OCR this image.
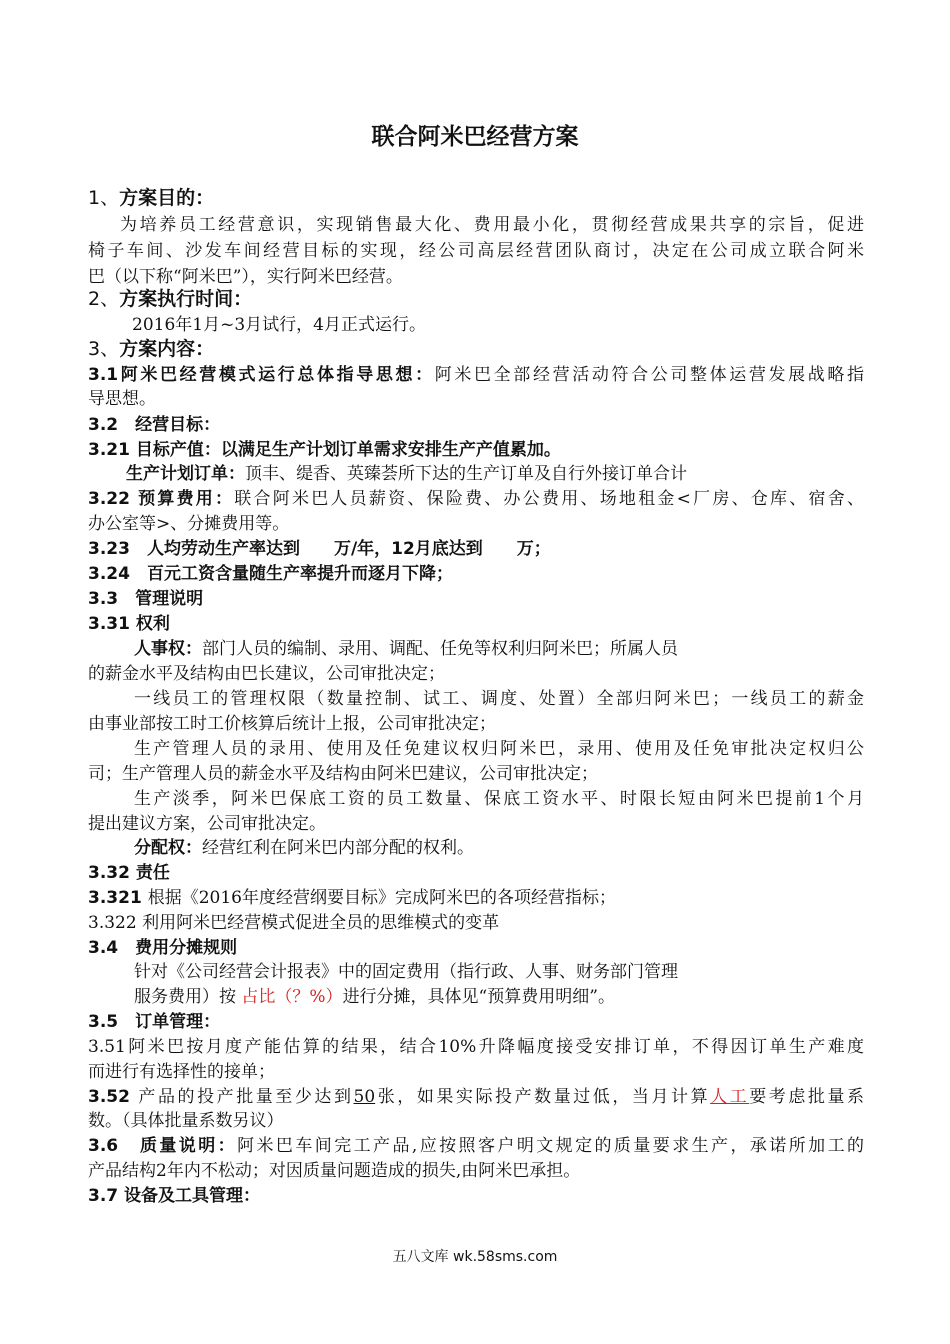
联合阿米巴经营方案
1、方案目的：
为培养员工经营意识，实现销售最大化、费用最小化，贯彻经营成果共享的宗旨，促进
椅子车间、沙发车间经营目标的实现，经公司高层经营团队商讨，决定在公司成立联合阿米
巴（以下称“阿米巴”），实行阿米巴经营。
2、方案执行时间：
2016年1月~3月试行，4月正式运行。
3、方案内容：
3.1阿米巴经营模式运行总体指导思想：阿米巴全部经营活动符合公司整体运营发展战略指
导思想。
3.2　经营目标：
3.21 目标产值：以满足生产计划订单需求安排生产产值累加。
生产计划订单：顶丰、缇香、英臻荟所下达的生产订单及自行外接订单合计
3.22 预算费用：联合阿米巴人员薪资、保险费、办公费用、场地租金<厂房、仓库、宿舍、
办公室等>、分摊费用等。
3.23　人均劳动生产率达到　　万/年，12月底达到　　万；
3.24　百元工资含量随生产率提升而逐月下降；
3.3　管理说明
3.31 权利
人事权：部门人员的编制、录用、调配、任免等权利归阿米巴；所属人员
的薪金水平及结构由巴长建议，公司审批决定；
一线员工的管理权限（数量控制、试工、调度、处置）全部归阿米巴；一线员工的薪金
由事业部按工时工价核算后统计上报，公司审批决定；
生产管理人员的录用、使用及任免建议权归阿米巴，录用、使用及任免审批决定权归公
司；生产管理人员的薪金水平及结构由阿米巴建议，公司审批决定；
生产淡季，阿米巴保底工资的员工数量、保底工资水平、时限长短由阿米巴提前1个月
提出建议方案，公司审批决定。
分配权：经营红利在阿米巴内部分配的权利。
3.32 责任
3.321 根据《2016年度经营纲要目标》完成阿米巴的各项经营指标；
3.322 利用阿米巴经营模式促进全员的思维模式的变革
3.4　费用分摊规则
针对《公司经营会计报表》中的固定费用（指行政、人事、财务部门管理
服务费用）按 占比（？%）进行分摊，具体见“预算费用明细”。
3.5　订单管理：
3.51阿米巴按月度产能估算的结果，结合10%升降幅度接受安排订单，不得因订单生产难度
而进行有选择性的接单；
3.52 产品的投产批量至少达到50张，如果实际投产数量过低，当月计算人工要考虑批量系
数。（具体批量系数另议）
3.6　质量说明：阿米巴车间完工产品,应按照客户明文规定的质量要求生产，承诺所加工的
产品结构2年内不松动；对因质量问题造成的损失,由阿米巴承担。
3.7 设备及工具管理：
五八文库 wk.58sms.com
